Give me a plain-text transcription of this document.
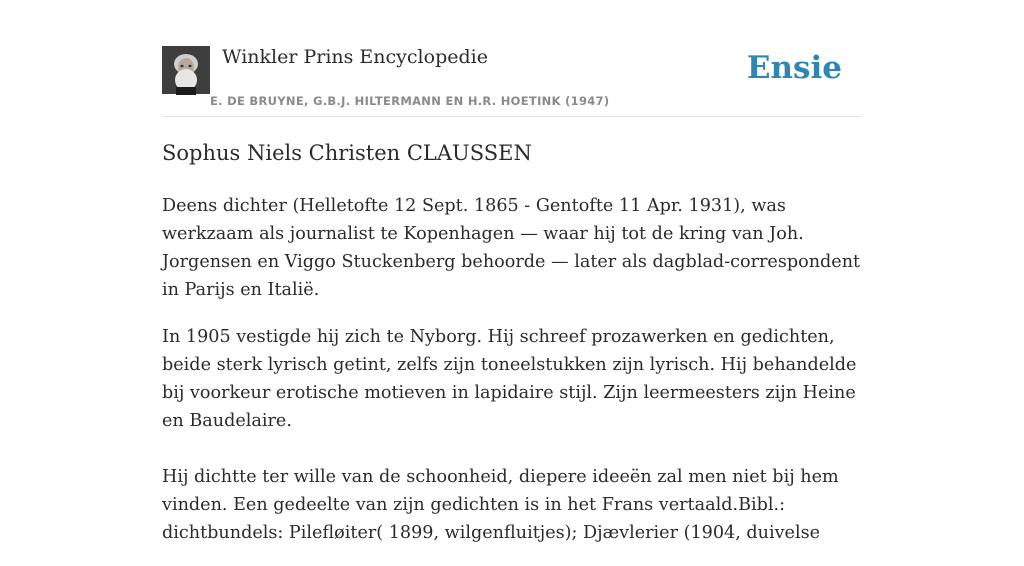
Winkler Prins Encyclopedie
E. DE BRUYNE, G.B.J. HILTERMANN EN H.R. HOETINK (1947)
Ensie
Sophus Niels Christen CLAUSSEN

Deens dichter (Helletofte 12 Sept. 1865 - Gentofte 11 Apr. 1931), was werkzaam als journalist te Kopenhagen — waar hij tot de kring van Joh. Jorgensen en Viggo Stuckenberg behoorde — later als dagblad-correspondent in Parijs en Italië.

In 1905 vestigde hij zich te Nyborg. Hij schreef prozawerken en gedichten, beide sterk lyrisch getint, zelfs zijn toneelstukken zijn lyrisch. Hij behandelde bij voorkeur erotische motieven in lapidaire stijl. Zijn leermeesters zijn Heine en Baudelaire.

Hij dichtte ter wille van de schoonheid, diepere ideeën zal men niet bij hem vinden. Een gedeelte van zijn gedichten is in het Frans vertaald.Bibl.: dichtbundels: Pilefløiter( 1899, wilgenfluitjes); Djævlerier (1904, duivelse
